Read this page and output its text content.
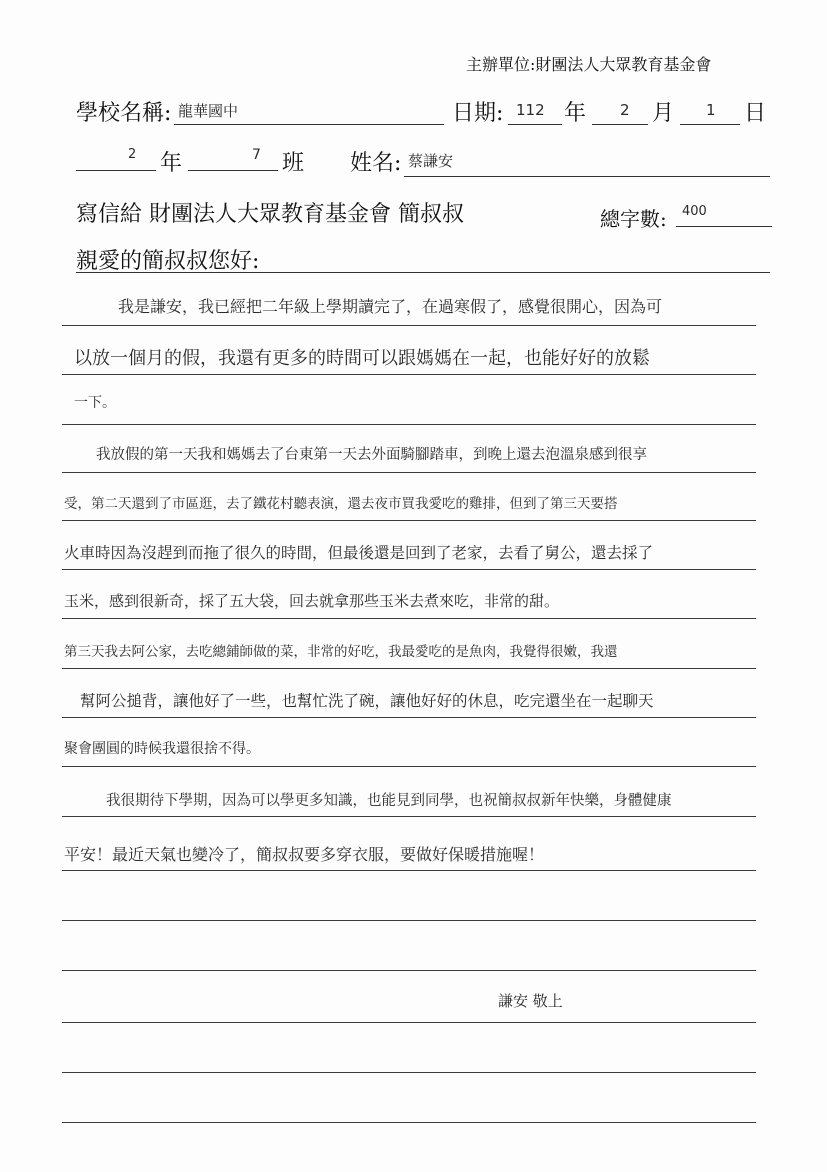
主辦單位:財團法人大眾教育基金會
學校名稱: 龍華國中	日期: 112 年 2 月 1 日
2 年	7 班 姓名: 蔡謙安
寫信給 財團法人大眾教育基金會 簡叔叔	總字數: 400
親愛的簡叔叔您好:
我是謙安，我已經把二年級上學期讀完了，在過寒假了，感覺很開心，因為可
以放一個月的假，我還有更多的時間可以跟媽媽在一起，也能好好的放鬆
一下。
我放假的第一天我和媽媽去了台東第一天去外面騎腳踏車，到晚上還去泡溫泉感到很享
受，第二天還到了市區逛，去了鐵花村聽表演，還去夜市買我愛吃的雞排，但到了第三天要搭
火車時因為沒趕到而拖了很久的時間，但最後還是回到了老家，去看了舅公，還去採了
玉米，感到很新奇，採了五大袋，回去就拿那些玉米去煮來吃，非常的甜。
第三天我去阿公家，去吃總鋪師做的菜，非常的好吃，我最愛吃的是魚肉，我覺得很嫩，我還
幫阿公搥背，讓他好了一些，也幫忙洗了碗，讓他好好的休息，吃完還坐在一起聊天
聚會團圓的時候我還很捨不得。
我很期待下學期，因為可以學更多知識，也能見到同學，也祝簡叔叔新年快樂，身體健康
平安！最近天氣也變冷了，簡叔叔要多穿衣服，要做好保暖措施喔！
謙安 敬上
